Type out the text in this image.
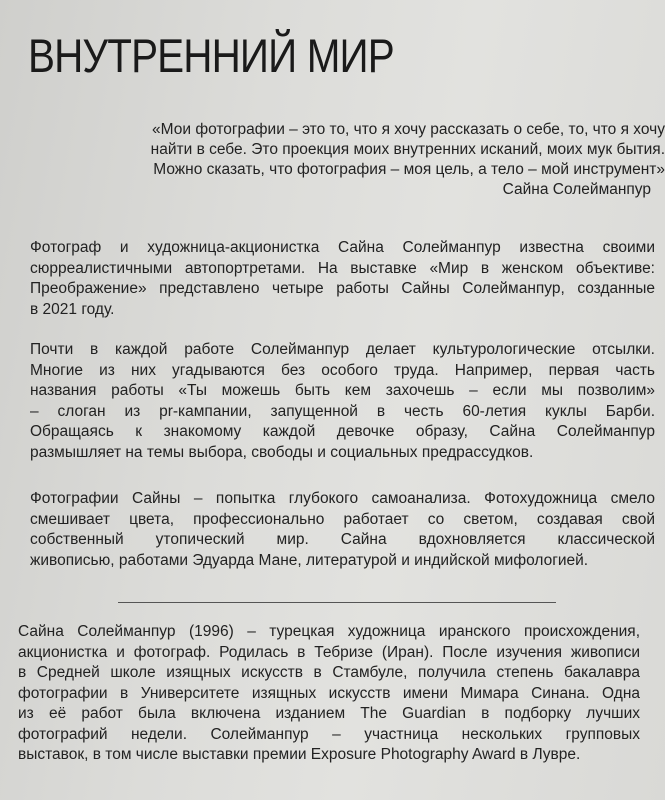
ВНУТРЕННИЙ МИР
«Мои фотографии – это то, что я хочу рассказать о себе, то, что я хочу
найти в себе. Это проекция моих внутренних исканий, моих мук бытия.
Можно сказать, что фотография – моя цель, а тело – мой инструмент»
Сайна Солейманпур
Фотограф и художница-акционистка Сайна Солейманпур известна своими
сюрреалистичными автопортретами. На выставке «Мир в женском объективе:
Преображение» представлено четыре работы Сайны Солейманпур, созданные
в 2021 году.
Почти в каждой работе Солейманпур делает культурологические отсылки.
Многие из них угадываются без особого труда. Например, первая часть
названия работы «Ты можешь быть кем захочешь – если мы позволим»
– слоган из pr-кампании, запущенной в честь 60-летия куклы Барби.
Обращаясь к знакомому каждой девочке образу, Сайна Солейманпур
размышляет на темы выбора, свободы и социальных предрассудков.
Фотографии Сайны – попытка глубокого самоанализа. Фотохудожница смело
смешивает цвета, профессионально работает со светом, создавая свой
собственный утопический мир. Сайна вдохновляется классической
живописью, работами Эдуарда Мане, литературой и индийской мифологией.
Сайна Солейманпур (1996) – турецкая художница иранского происхождения,
акционистка и фотограф. Родилась в Тебризе (Иран). После изучения живописи
в Средней школе изящных искусств в Стамбуле, получила степень бакалавра
фотографии в Университете изящных искусств имени Мимара Синана. Одна
из её работ была включена изданием The Guardian в подборку лучших
фотографий недели. Солейманпур – участница нескольких групповых
выставок, в том числе выставки премии Exposure Photography Award в Лувре.
